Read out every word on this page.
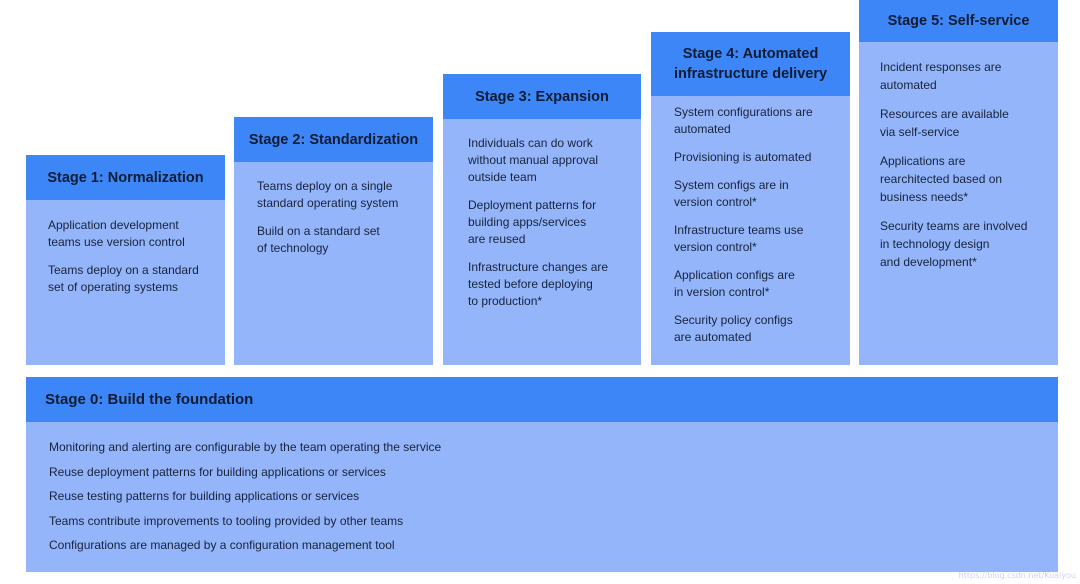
Stage 1: Normalization
Application development
teams use version control
Teams deploy on a standard
set of operating systems
Stage 2: Standardization
Teams deploy on a single
standard operating system
Build on a standard set
of technology
Stage 3: Expansion
Individuals can do work
without manual approval
outside team
Deployment patterns for
building apps/services
are reused
Infrastructure changes are
tested before deploying
to production*
Stage 4: Automated
infrastructure delivery
System configurations are
automated
Provisioning is automated
System configs are in
version control*
Infrastructure teams use
version control*
Application configs are
in version control*
Security policy configs
are automated
Stage 5: Self-service
Incident responses are
automated
Resources are available
via self-service
Applications are
rearchitected based on
business needs*
Security teams are involved
in technology design
and development*
Stage 0: Build the foundation
Monitoring and alerting are configurable by the team operating the service
Reuse deployment patterns for building applications or services
Reuse testing patterns for building applications or services
Teams contribute improvements to tooling provided by other teams
Configurations are managed by a configuration management tool
https://blog.csdn.net/Kuaiyou
